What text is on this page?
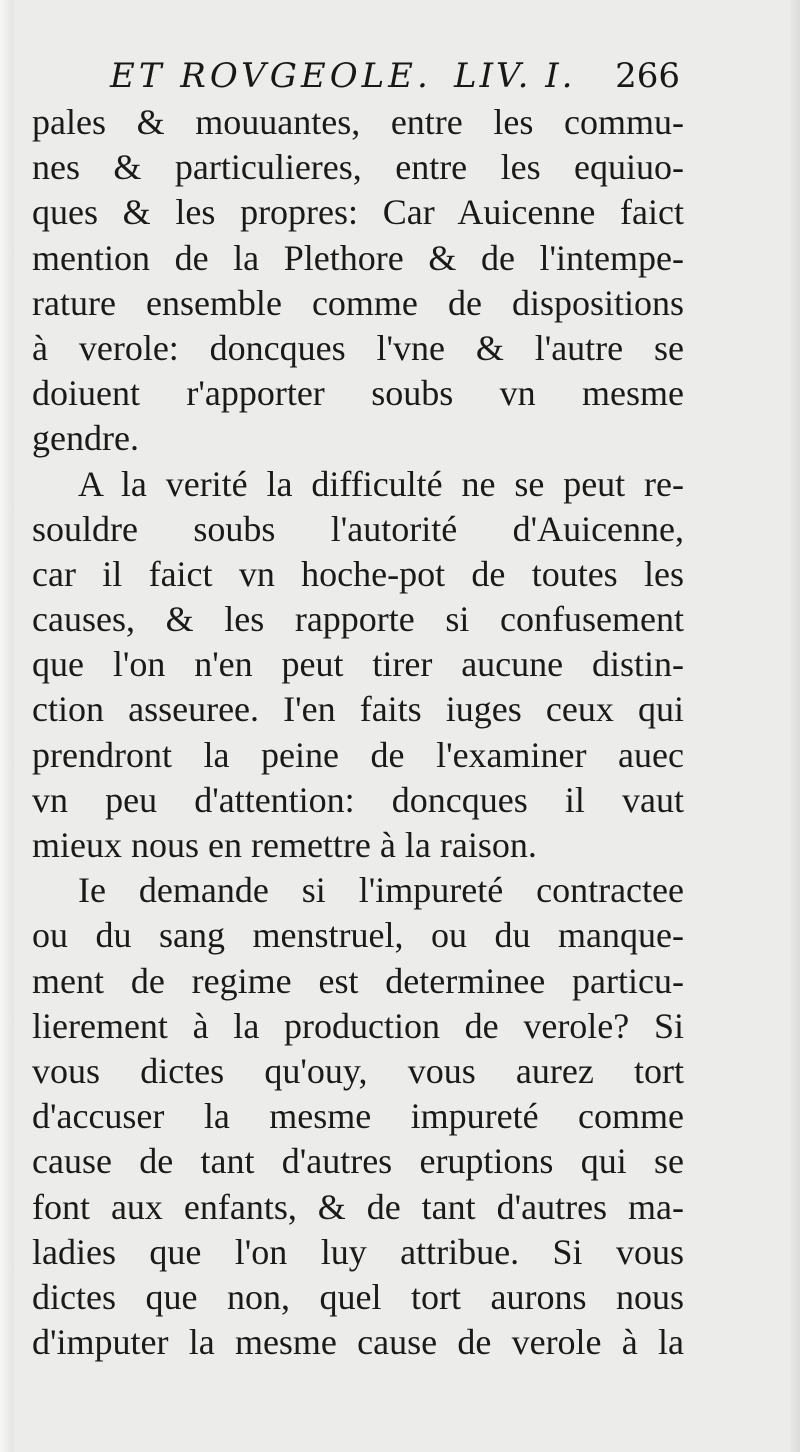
ET ROVGEOLE. LIV. I. 266
pales & mouuantes, entre les commu-
nes & particulieres, entre les equiuo-
ques & les propres: Car Auicenne faict
mention de la Plethore & de l'intempe-
rature ensemble comme de dispositions
à verole: doncques l'vne & l'autre se
doiuent r'apporter soubs vn mesme
gendre.
A la verité la difficulté ne se peut re-
souldre soubs l'autorité d'Auicenne,
car il faict vn hoche-pot de toutes les
causes, & les rapporte si confusement
que l'on n'en peut tirer aucune distin-
ction asseuree. I'en faits iuges ceux qui
prendront la peine de l'examiner auec
vn peu d'attention: doncques il vaut
mieux nous en remettre à la raison.
Ie demande si l'impureté contractee
ou du sang menstruel, ou du manque-
ment de regime est determinee particu-
lierement à la production de verole? Si
vous dictes qu'ouy, vous aurez tort
d'accuser la mesme impureté comme
cause de tant d'autres eruptions qui se
font aux enfants, & de tant d'autres ma-
ladies que l'on luy attribue. Si vous
dictes que non, quel tort aurons nous
d'imputer la mesme cause de verole à la
